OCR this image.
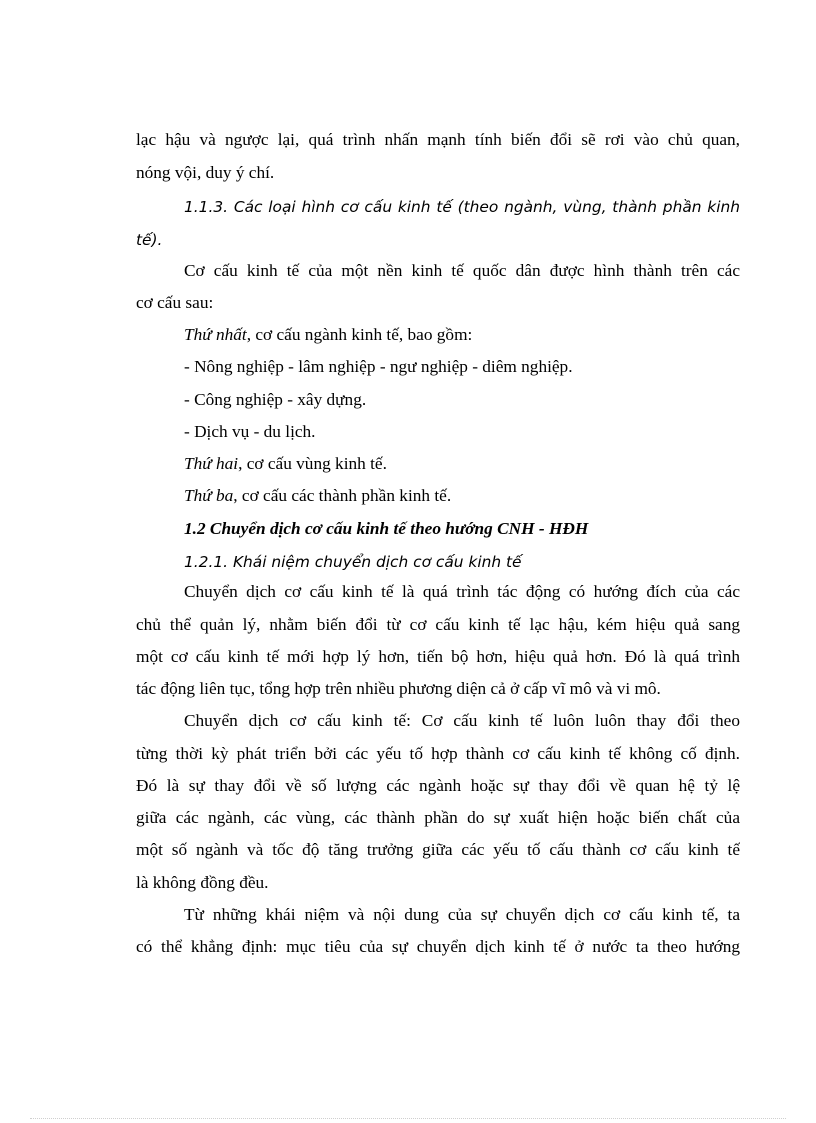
lạc hậu và ngược lại, quá trình nhấn mạnh tính biến đổi sẽ rơi vào chủ quan,
nóng vội, duy ý chí.
1.1.3. Các loại hình cơ cấu kinh tế (theo ngành, vùng, thành phần kinh
tế).
Cơ cấu kinh tế của một nền kinh tế quốc dân được hình thành trên các
cơ cấu sau:
Thứ nhất, cơ cấu ngành kinh tế, bao gồm:
- Nông nghiệp - lâm nghiệp - ngư nghiệp - diêm nghiệp.
- Công nghiệp - xây dựng.
- Dịch vụ - du lịch.
Thứ hai, cơ cấu vùng kinh tế.
Thứ ba, cơ cấu các thành phần kinh tế.
1.2 Chuyển dịch cơ cấu kinh tế theo hướng CNH - HĐH
1.2.1. Khái niệm chuyển dịch cơ cấu kinh tế
Chuyển dịch cơ cấu kinh tế là quá trình tác động có hướng đích của các
chủ thể quản lý, nhằm biến đổi từ cơ cấu kinh tế lạc hậu, kém hiệu quả sang
một cơ cấu kinh tế mới hợp lý hơn, tiến bộ hơn, hiệu quả hơn. Đó là quá trình
tác động liên tục, tổng hợp trên nhiều phương diện cả ở cấp vĩ mô và vi mô.
Chuyển dịch cơ cấu kinh tế: Cơ cấu kinh tế luôn luôn thay đổi theo
từng thời kỳ phát triển bởi các yếu tố hợp thành cơ cấu kinh tế không cố định.
Đó là sự thay đổi về số lượng các ngành hoặc sự thay đổi về quan hệ tỷ lệ
giữa các ngành, các vùng, các thành phần do sự xuất hiện hoặc biến chất của
một số ngành và tốc độ tăng trưởng giữa các yếu tố cấu thành cơ cấu kinh tế
là không đồng đều.
Từ những khái niệm và nội dung của sự chuyển dịch cơ cấu kinh tế, ta
có thể khẳng định: mục tiêu của sự chuyển dịch kinh tế ở nước ta theo hướng
